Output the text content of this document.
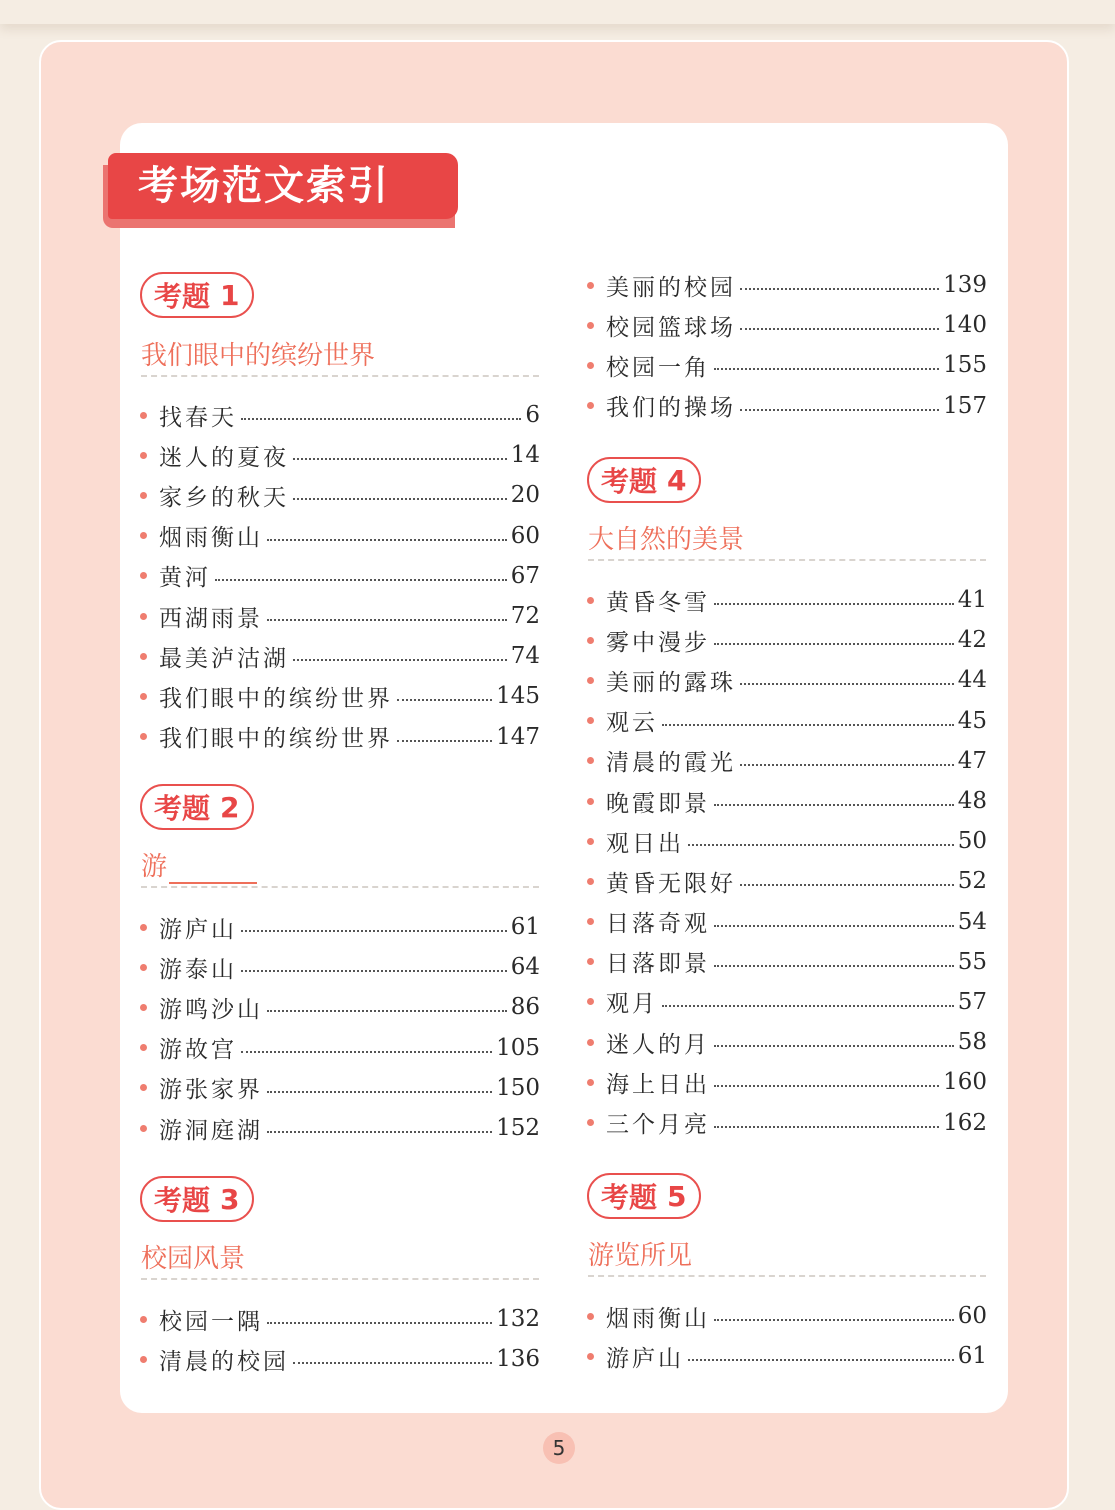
考场范文索引
考题 1
我们眼中的缤纷世界
找春天	6
迷人的夏夜	14
家乡的秋天	20
烟雨衡山	60
黄河	67
西湖雨景	72
最美泸沽湖	74
我们眼中的缤纷世界	145
我们眼中的缤纷世界	147
考题 2
游
游庐山	61
游泰山	64
游鸣沙山	86
游故宫	105
游张家界	150
游洞庭湖	152
考题 3
校园风景
校园一隅	132
清晨的校园	136
美丽的校园	139
校园篮球场	140
校园一角	155
我们的操场	157
考题 4
大自然的美景
黄昏冬雪	41
雾中漫步	42
美丽的露珠	44
观云	45
清晨的霞光	47
晚霞即景	48
观日出	50
黄昏无限好	52
日落奇观	54
日落即景	55
观月	57
迷人的月	58
海上日出	160
三个月亮	162
考题 5
游览所见
烟雨衡山	60
游庐山	61
5
